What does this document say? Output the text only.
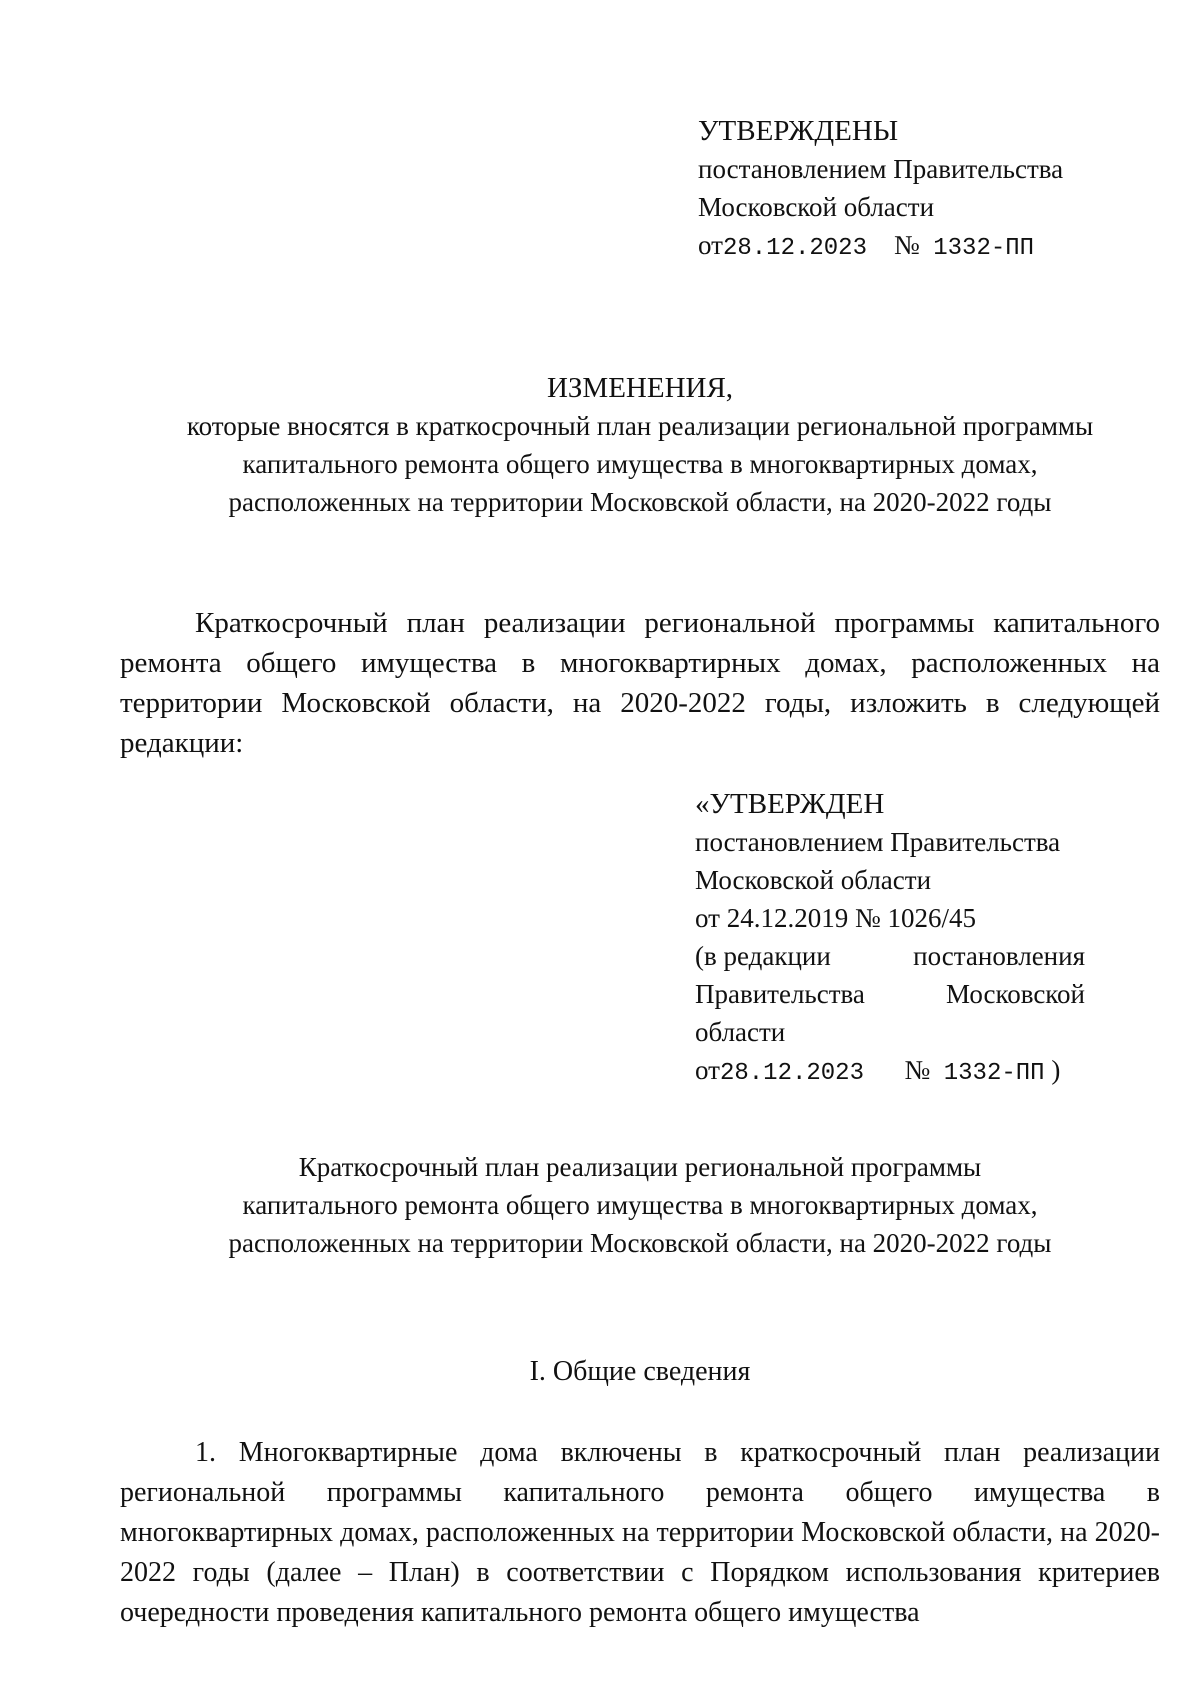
УТВЕРЖДЕНЫ
постановлением Правительства
Московской области
от28.12.2023 № 1332-ПП
ИЗМЕНЕНИЯ,
которые вносятся в краткосрочный план реализации региональной программы
капитального ремонта общего имущества в многоквартирных домах,
расположенных на территории Московской области, на 2020-2022 годы
Краткосрочный план реализации региональной программы капитального ремонта общего имущества в многоквартирных домах, расположенных на территории Московской области, на 2020-2022 годы, изложить в следующей редакции:
«УТВЕРЖДЕН
постановлением Правительства
Московской области
от 24.12.2019 № 1026/45
(в редакции	постановления
Правительства	Московской
области
от28.12.2023 № 1332-ПП )
Краткосрочный план реализации региональной программы
капитального ремонта общего имущества в многоквартирных домах,
расположенных на территории Московской области, на 2020-2022 годы
I. Общие сведения
1. Многоквартирные дома включены в краткосрочный план реализации региональной программы капитального ремонта общего имущества в многоквартирных домах, расположенных на территории Московской области, на 2020-2022 годы (далее – План) в соответствии с Порядком использования критериев очередности проведения капитального ремонта общего имущества
